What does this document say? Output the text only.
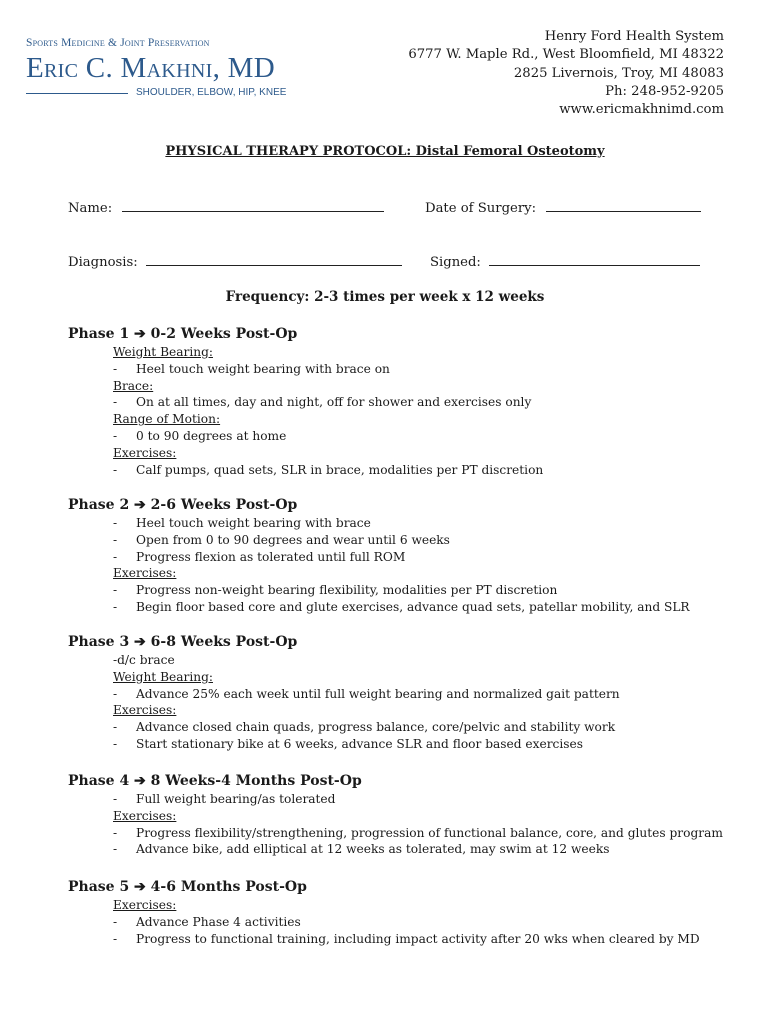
Sports Medicine & Joint Preservation
Eric C. Makhni, MD
SHOULDER, ELBOW, HIP, KNEE
Henry Ford Health System
6777 W. Maple Rd., West Bloomfield, MI 48322
2825 Livernois, Troy, MI 48083
Ph: 248-952-9205
www.ericmakhnimd.com
PHYSICAL THERAPY PROTOCOL: Distal Femoral Osteotomy
Name:	Date of Surgery:
Diagnosis:	Signed:
Frequency: 2-3 times per week x 12 weeks
Phase 1 ➔ 0-2 Weeks Post-Op
Weight Bearing:
- Heel touch weight bearing with brace on
Brace:
- On at all times, day and night, off for shower and exercises only
Range of Motion:
- 0 to 90 degrees at home
Exercises:
- Calf pumps, quad sets, SLR in brace, modalities per PT discretion
Phase 2 ➔ 2-6 Weeks Post-Op
- Heel touch weight bearing with brace
- Open from 0 to 90 degrees and wear until 6 weeks
- Progress flexion as tolerated until full ROM
Exercises:
- Progress non-weight bearing flexibility, modalities per PT discretion
- Begin floor based core and glute exercises, advance quad sets, patellar mobility, and SLR
Phase 3 ➔ 6-8 Weeks Post-Op
-d/c brace
Weight Bearing:
- Advance 25% each week until full weight bearing and normalized gait pattern
Exercises:
- Advance closed chain quads, progress balance, core/pelvic and stability work
- Start stationary bike at 6 weeks, advance SLR and floor based exercises
Phase 4 ➔ 8 Weeks-4 Months Post-Op
- Full weight bearing/as tolerated
Exercises:
- Progress flexibility/strengthening, progression of functional balance, core, and glutes program
- Advance bike, add elliptical at 12 weeks as tolerated, may swim at 12 weeks
Phase 5 ➔ 4-6 Months Post-Op
Exercises:
- Advance Phase 4 activities
- Progress to functional training, including impact activity after 20 wks when cleared by MD
